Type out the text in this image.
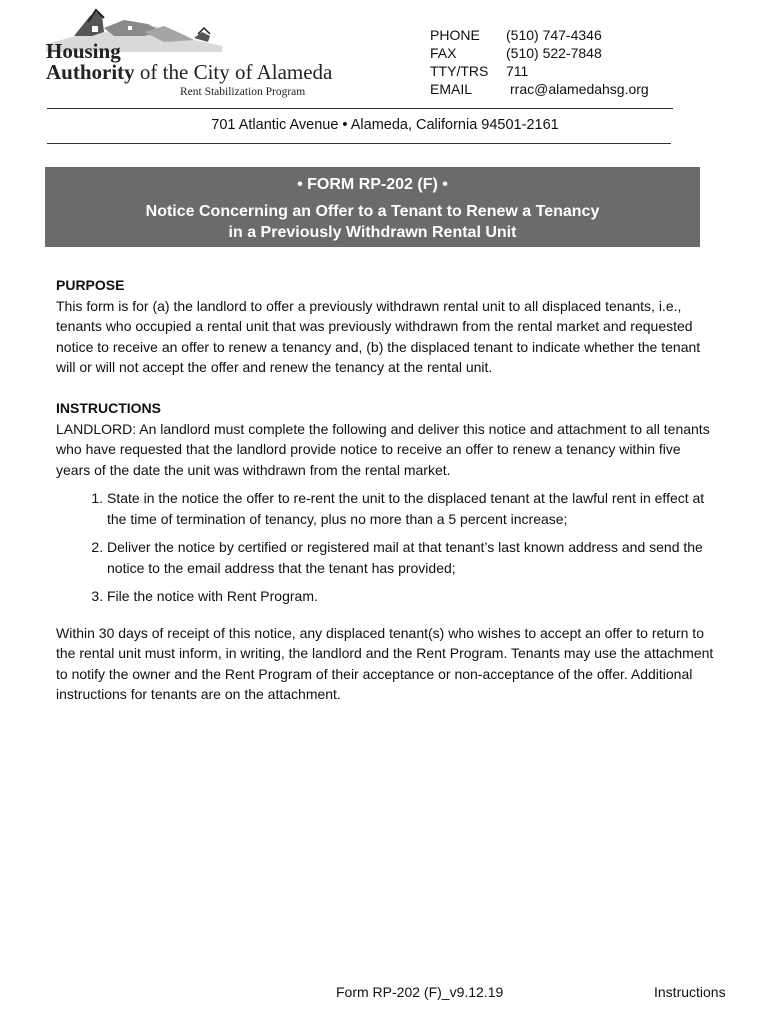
Housing
Authority of the City of Alameda
Rent Stabilization Program
PHONE	(510) 747-4346
FAX	(510) 522-7848
TTY/TRS	711
EMAIL	rrac@alamedahsg.org
701 Atlantic Avenue • Alameda, California 94501-2161
• FORM RP-202 (F) •
Notice Concerning an Offer to a Tenant to Renew a Tenancy
in a Previously Withdrawn Rental Unit
PURPOSE

This form is for (a) the landlord to offer a previously withdrawn rental unit to all displaced tenants, i.e., tenants who occupied a rental unit that was previously withdrawn from the rental market and requested notice to receive an offer to renew a tenancy and, (b) the displaced tenant to indicate whether the tenant will or will not accept the offer and renew the tenancy at the rental unit.

INSTRUCTIONS

LANDLORD: An landlord must complete the following and deliver this notice and attachment to all tenants who have requested that the landlord provide notice to receive an offer to renew a tenancy within five years of the date the unit was withdrawn from the rental market.

1. State in the notice the offer to re-rent the unit to the displaced tenant at the lawful rent in effect at the time of termination of tenancy, plus no more than a 5 percent increase;
2. Deliver the notice by certified or registered mail at that tenant’s last known address and send the notice to the email address that the tenant has provided;
3. File the notice with Rent Program.

Within 30 days of receipt of this notice, any displaced tenant(s) who wishes to accept an offer to return to the rental unit must inform, in writing, the landlord and the Rent Program. Tenants may use the attachment to notify the owner and the Rent Program of their acceptance or non-acceptance of the offer. Additional instructions for tenants are on the attachment.

Form RP-202 (F)_v9.12.19	Instructions
